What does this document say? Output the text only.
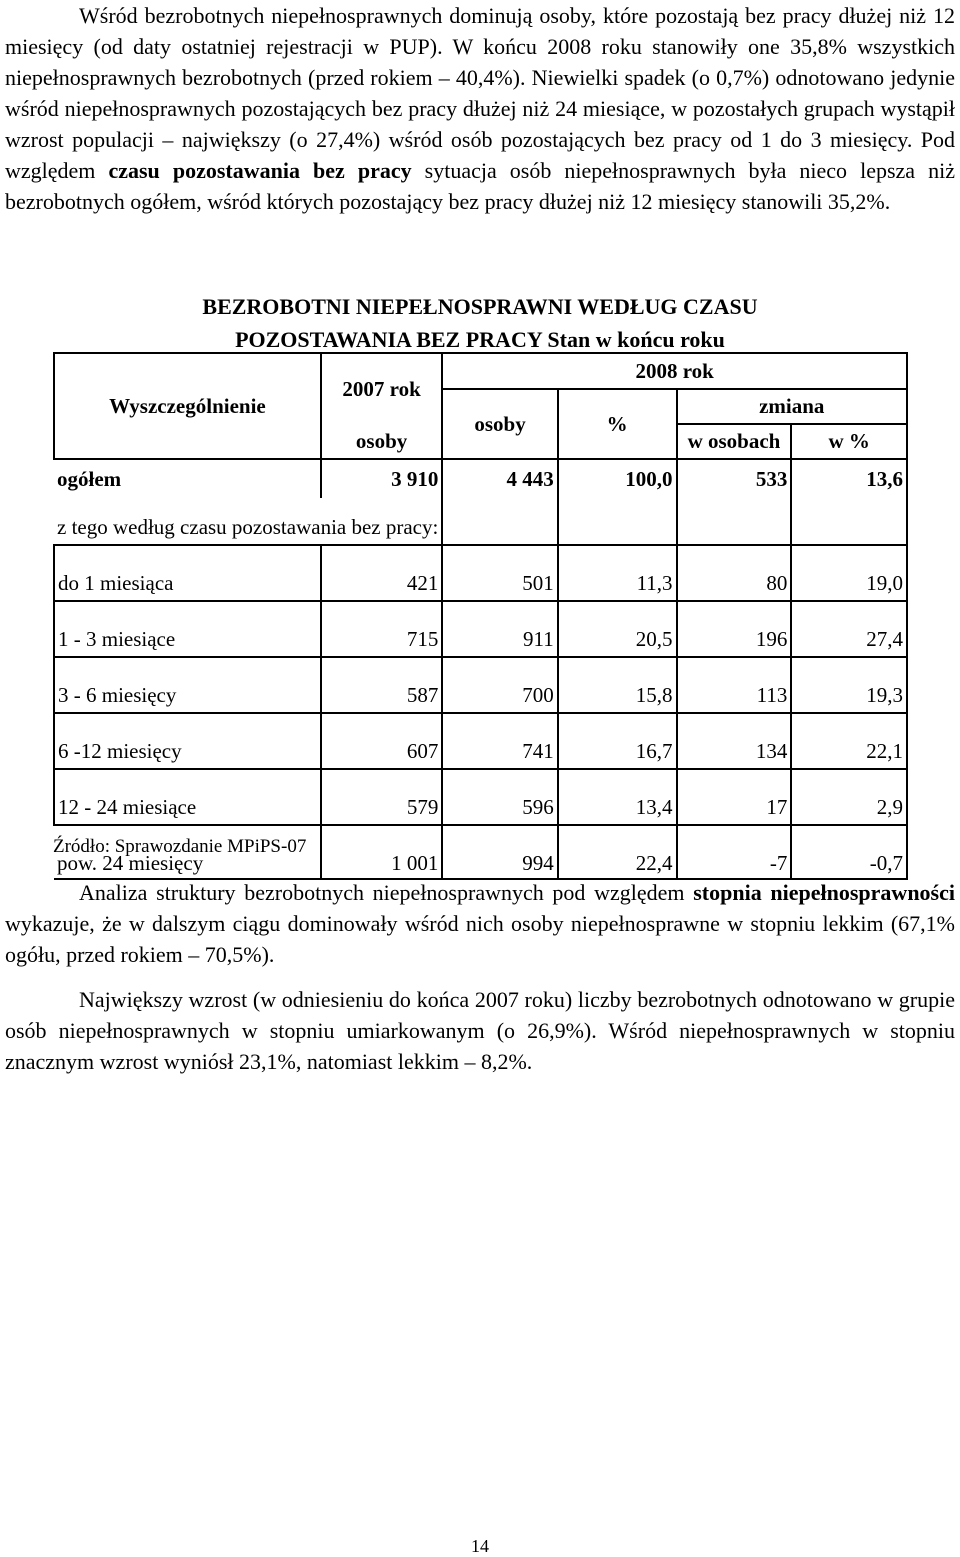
Wśród bezrobotnych niepełnosprawnych dominują osoby, które pozostają bez pracy dłużej niż 12 miesięcy (od daty ostatniej rejestracji w PUP). W końcu 2008 roku stanowiły one 35,8% wszystkich niepełnosprawnych bezrobotnych (przed rokiem – 40,4%). Niewielki spadek (o 0,7%) odnotowano jedynie wśród niepełnosprawnych pozostających bez pracy dłużej niż 24 miesiące, w pozostałych grupach wystąpił wzrost populacji – największy (o 27,4%) wśród osób pozostających bez pracy od 1 do 3 miesięcy. Pod względem czasu pozostawania bez pracy sytuacja osób niepełnosprawnych była nieco lepsza niż bezrobotnych ogółem, wśród których pozostający bez pracy dłużej niż 12 miesięcy stanowili 35,2%.

BEZROBOTNI NIEPEŁNOSPRAWNI WEDŁUG CZASU
POZOSTAWANIA BEZ PRACY Stan w końcu roku
Wyszczególnienie	2007 rok	2008 rok			
		osoby	%	zmiana	
	osoby			w osobach	w %
ogółem	3 910	4 443	100,0	533	13,6
z tego według czasu pozostawania bez pracy:					
do 1 miesiąca	421	501	11,3	80	19,0
1 - 3 miesiące	715	911	20,5	196	27,4
3 - 6 miesięcy	587	700	15,8	113	19,3
6 -12 miesięcy	607	741	16,7	134	22,1
12 - 24 miesiące	579	596	13,4	17	2,9
pow. 24 miesięcy	1 001	994	22,4	-7	-0,7
Źródło: Sprawozdanie MPiPS-07

Analiza struktury bezrobotnych niepełnosprawnych pod względem stopnia niepełnosprawności wykazuje, że w dalszym ciągu dominowały wśród nich osoby niepełnosprawne w stopniu lekkim (67,1% ogółu, przed rokiem – 70,5%).

Największy wzrost (w odniesieniu do końca 2007 roku) liczby bezrobotnych odnotowano w grupie osób niepełnosprawnych w stopniu umiarkowanym (o 26,9%). Wśród niepełnosprawnych w stopniu znacznym wzrost wyniósł 23,1%, natomiast lekkim – 8,2%.

14
